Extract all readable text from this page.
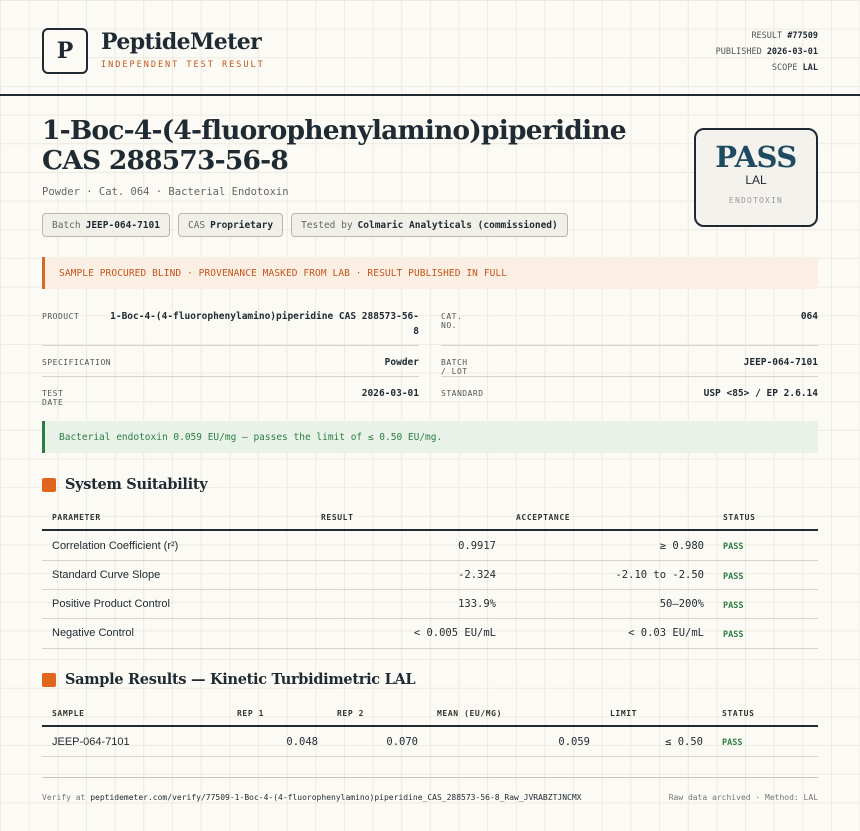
P	PeptideMeter
INDEPENDENT TEST RESULT
RESULT #77509
PUBLISHED 2026-03-01
SCOPE LAL
1-Boc-4-(4-fluorophenylamino)piperidine CAS 288573-56-8
Powder · Cat. 064 · Bacterial Endotoxin
Batch JEEP-064-7101	CAS Proprietary	Tested by Colmaric Analyticals (commissioned)
PASS
LAL
ENDOTOXIN
SAMPLE PROCURED BLIND · PROVENANCE MASKED FROM LAB · RESULT PUBLISHED IN FULL
PRODUCT	1-Boc-4-(4-fluorophenylamino)piperidine CAS 288573-56-
8
CAT. NO.
064
SPECIFICATION	Powder	BATCH / LOT
JEEP-064-7101
TEST DATE
2026-03-01	STANDARD	USP <85> / EP 2.6.14
Bacterial endotoxin 0.059 EU/mg — passes the limit of ≤ 0.50 EU/mg.
System Suitability
PARAMETER	RESULT	ACCEPTANCE	STATUS
Correlation Coefficient (r²)	0.9917	≥ 0.980 PASS
Standard Curve Slope	-2.324	-2.10 to -2.50 PASS
Positive Product Control	133.9%	50–200% PASS
Negative Control	< 0.005 EU/mL	< 0.03 EU/mL PASS
Sample Results — Kinetic Turbidimetric LAL
SAMPLE	REP 1	REP 2	MEAN (EU/MG)	LIMIT	STATUS
JEEP-064-7101	0.048	0.070	0.059	≤ 0.50 PASS
Verify at peptidemeter.com/verify/77509-1-Boc-4-(4-fluorophenylamino)piperidine_CAS_288573-56-8_Raw_JVRABZTJNCMX	Raw data archived · Method: LAL
